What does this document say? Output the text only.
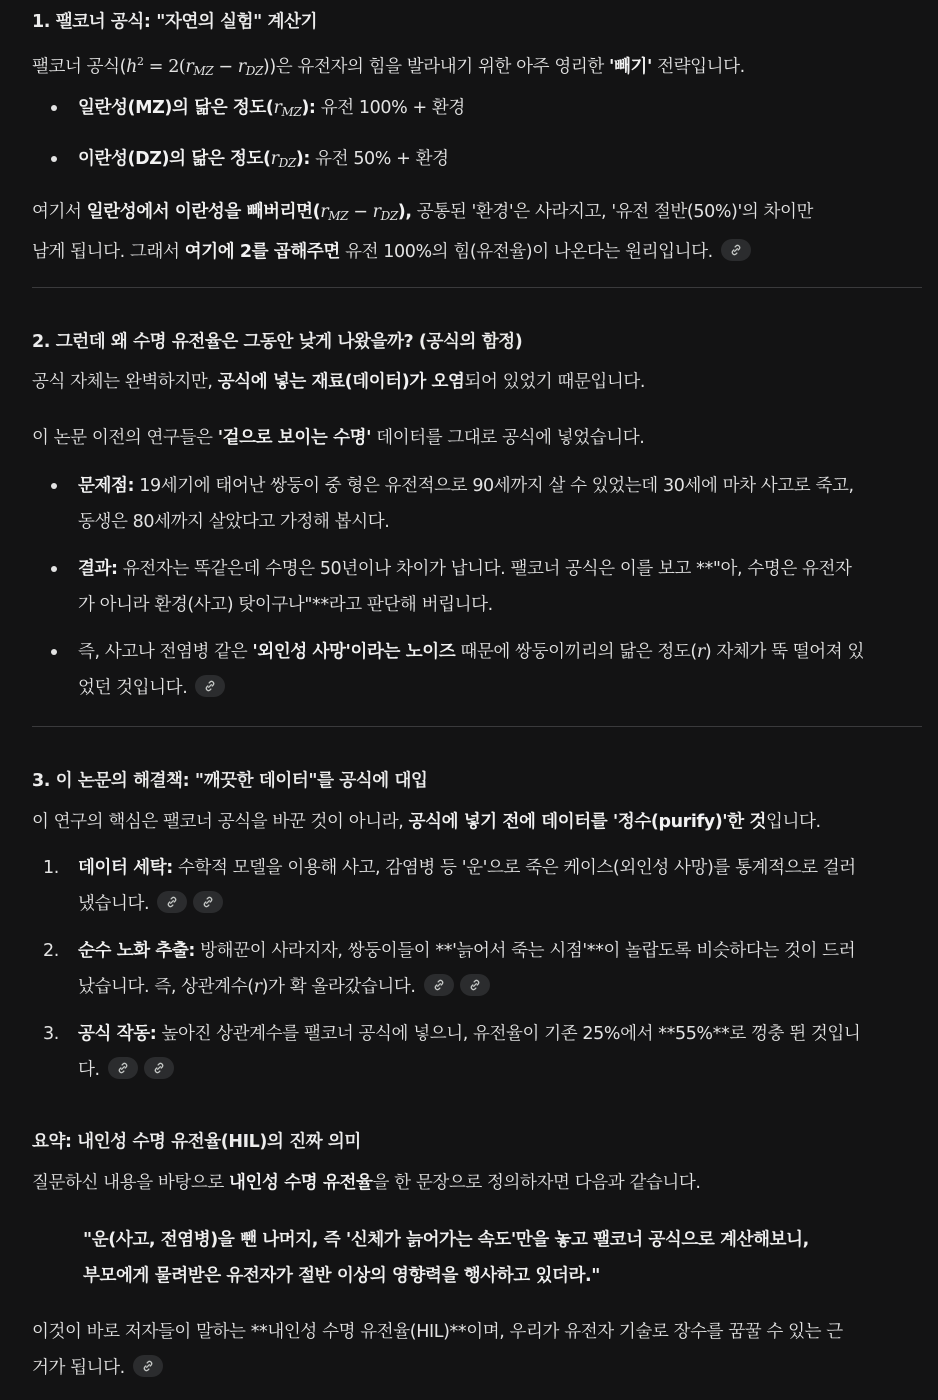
1. 팰코너 공식: "자연의 실험" 계산기

팰코너 공식$(h^2 = 2(r_{MZ} - r_{DZ}))$은 유전자의 힘을 발라내기 위한 아주 영리한 '빼기' 전략입니다.

일란성(MZ)의 닮은 정도$(r_{MZ})$: 유전 100% + 환경
이란성(DZ)의 닮은 정도$(r_{DZ})$: 유전 50% + 환경

여기서 일란성에서 이란성을 빼버리면$(r_{MZ} - r_{DZ})$, 공통된 '환경'은 사라지고, '유전 절반(50%)'의 차이만
남게 됩니다. 그래서 여기에 2를 곱해주면 유전 100%의 힘(유전율)이 나온다는 원리입니다.

2. 그런데 왜 수명 유전율은 그동안 낮게 나왔을까? (공식의 함정)

공식 자체는 완벽하지만, 공식에 넣는 재료(데이터)가 오염되어 있었기 때문입니다.

이 논문 이전의 연구들은 '겉으로 보이는 수명' 데이터를 그대로 공식에 넣었습니다.

문제점: 19세기에 태어난 쌍둥이 중 형은 유전적으로 90세까지 살 수 있었는데 30세에 마차 사고로 죽고,
동생은 80세까지 살았다고 가정해 봅시다.
결과: 유전자는 똑같은데 수명은 50년이나 차이가 납니다. 팰코너 공식은 이를 보고 **"아, 수명은 유전자
가 아니라 환경(사고) 탓이구나"**라고 판단해 버립니다.
즉, 사고나 전염병 같은 '외인성 사망'이라는 노이즈 때문에 쌍둥이끼리의 닮은 정도(r) 자체가 뚝 떨어져 있
었던 것입니다.
3. 이 논문의 해결책: "깨끗한 데이터"를 공식에 대입

이 연구의 핵심은 팰코너 공식을 바꾼 것이 아니라, 공식에 넣기 전에 데이터를 '정수(purify)'한 것입니다.

1. 데이터 세탁: 수학적 모델을 이용해 사고, 감염병 등 '운'으로 죽은 케이스(외인성 사망)를 통계적으로 걸러
냈습니다.
2. 순수 노화 추출: 방해꾼이 사라지자, 쌍둥이들이 **'늙어서 죽는 시점'**이 놀랍도록 비슷하다는 것이 드러
났습니다. 즉, 상관계수(r)가 확 올라갔습니다.
3. 공식 작동: 높아진 상관계수를 팰코너 공식에 넣으니, 유전율이 기존 25%에서 **55%**로 껑충 뛴 것입니
다.
요약: 내인성 수명 유전율(HIL)의 진짜 의미

질문하신 내용을 바탕으로 내인성 수명 유전율을 한 문장으로 정의하자면 다음과 같습니다.

"운(사고, 전염병)을 뺀 나머지, 즉 '신체가 늙어가는 속도'만을 놓고 팰코너 공식으로 계산해보니,
부모에게 물려받은 유전자가 절반 이상의 영향력을 행사하고 있더라."

이것이 바로 저자들이 말하는 **내인성 수명 유전율(HIL)**이며, 우리가 유전자 기술로 장수를 꿈꿀 수 있는 근
거가 됩니다.
